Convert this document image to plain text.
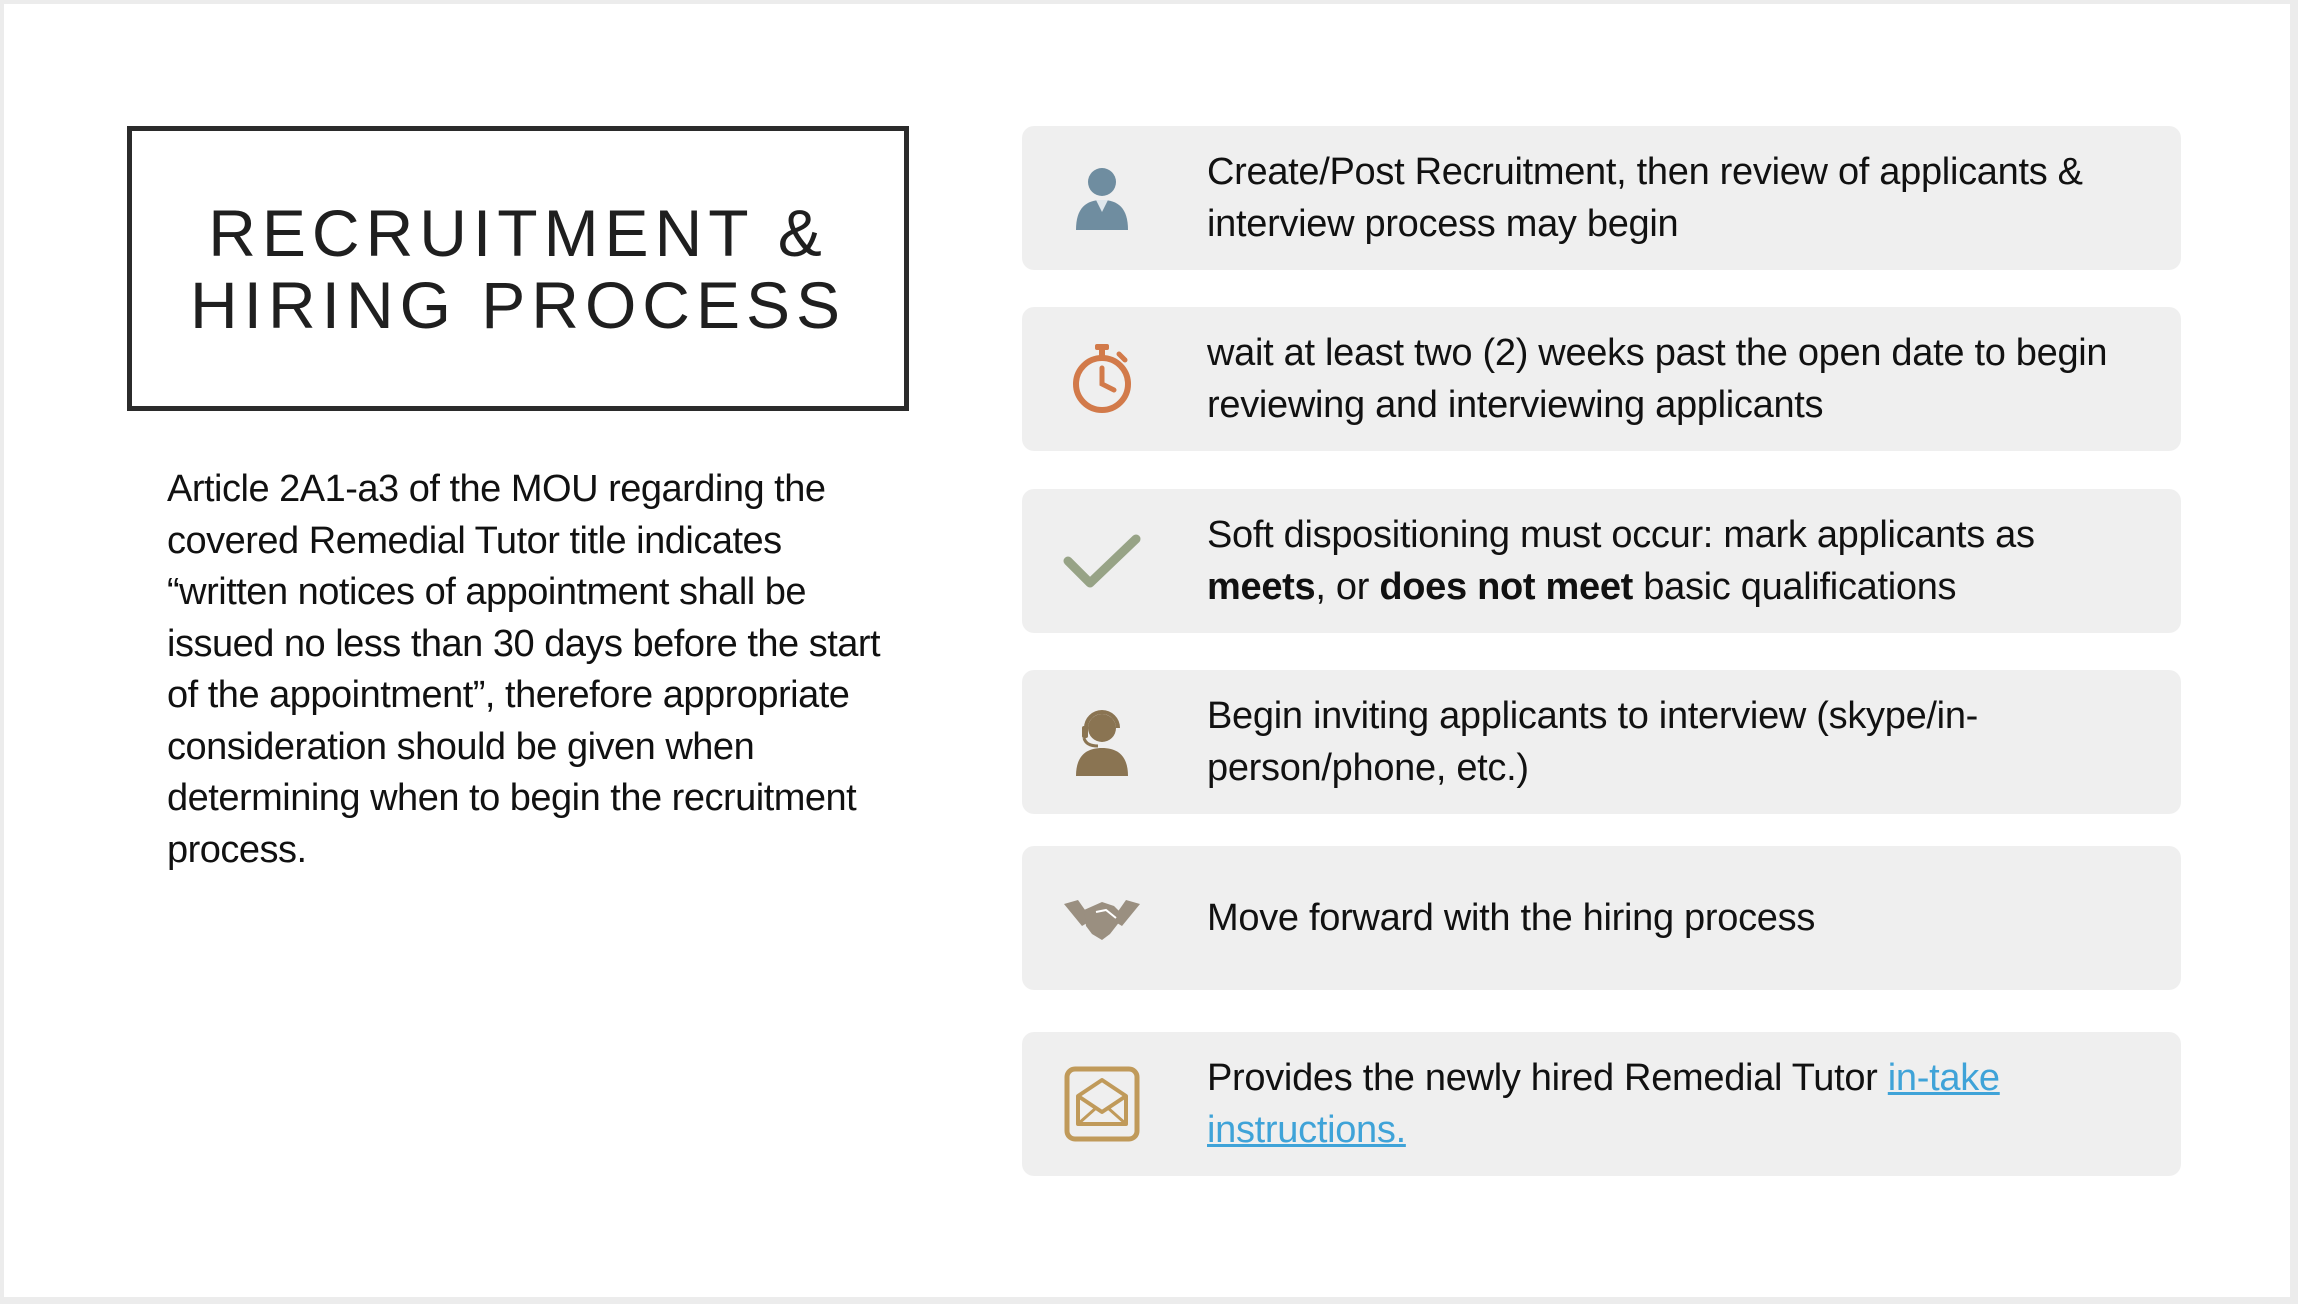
RECRUITMENT &
HIRING PROCESS

Article 2A1-a3 of the MOU regarding the covered Remedial Tutor title indicates “written notices of appointment shall be issued no less than 30 days before the start of the appointment”, therefore appropriate consideration should be given when determining when to begin the recruitment process.

Create/Post Recruitment, then review of applicants & interview process may begin
wait at least two (2) weeks past the open date to begin reviewing and interviewing applicants
Soft dispositioning must occur: mark applicants as meets, or does not meet basic qualifications
Begin inviting applicants to interview (skype/in-person/phone, etc.)
Move forward with the hiring process
Provides the newly hired Remedial Tutor in-take instructions.
